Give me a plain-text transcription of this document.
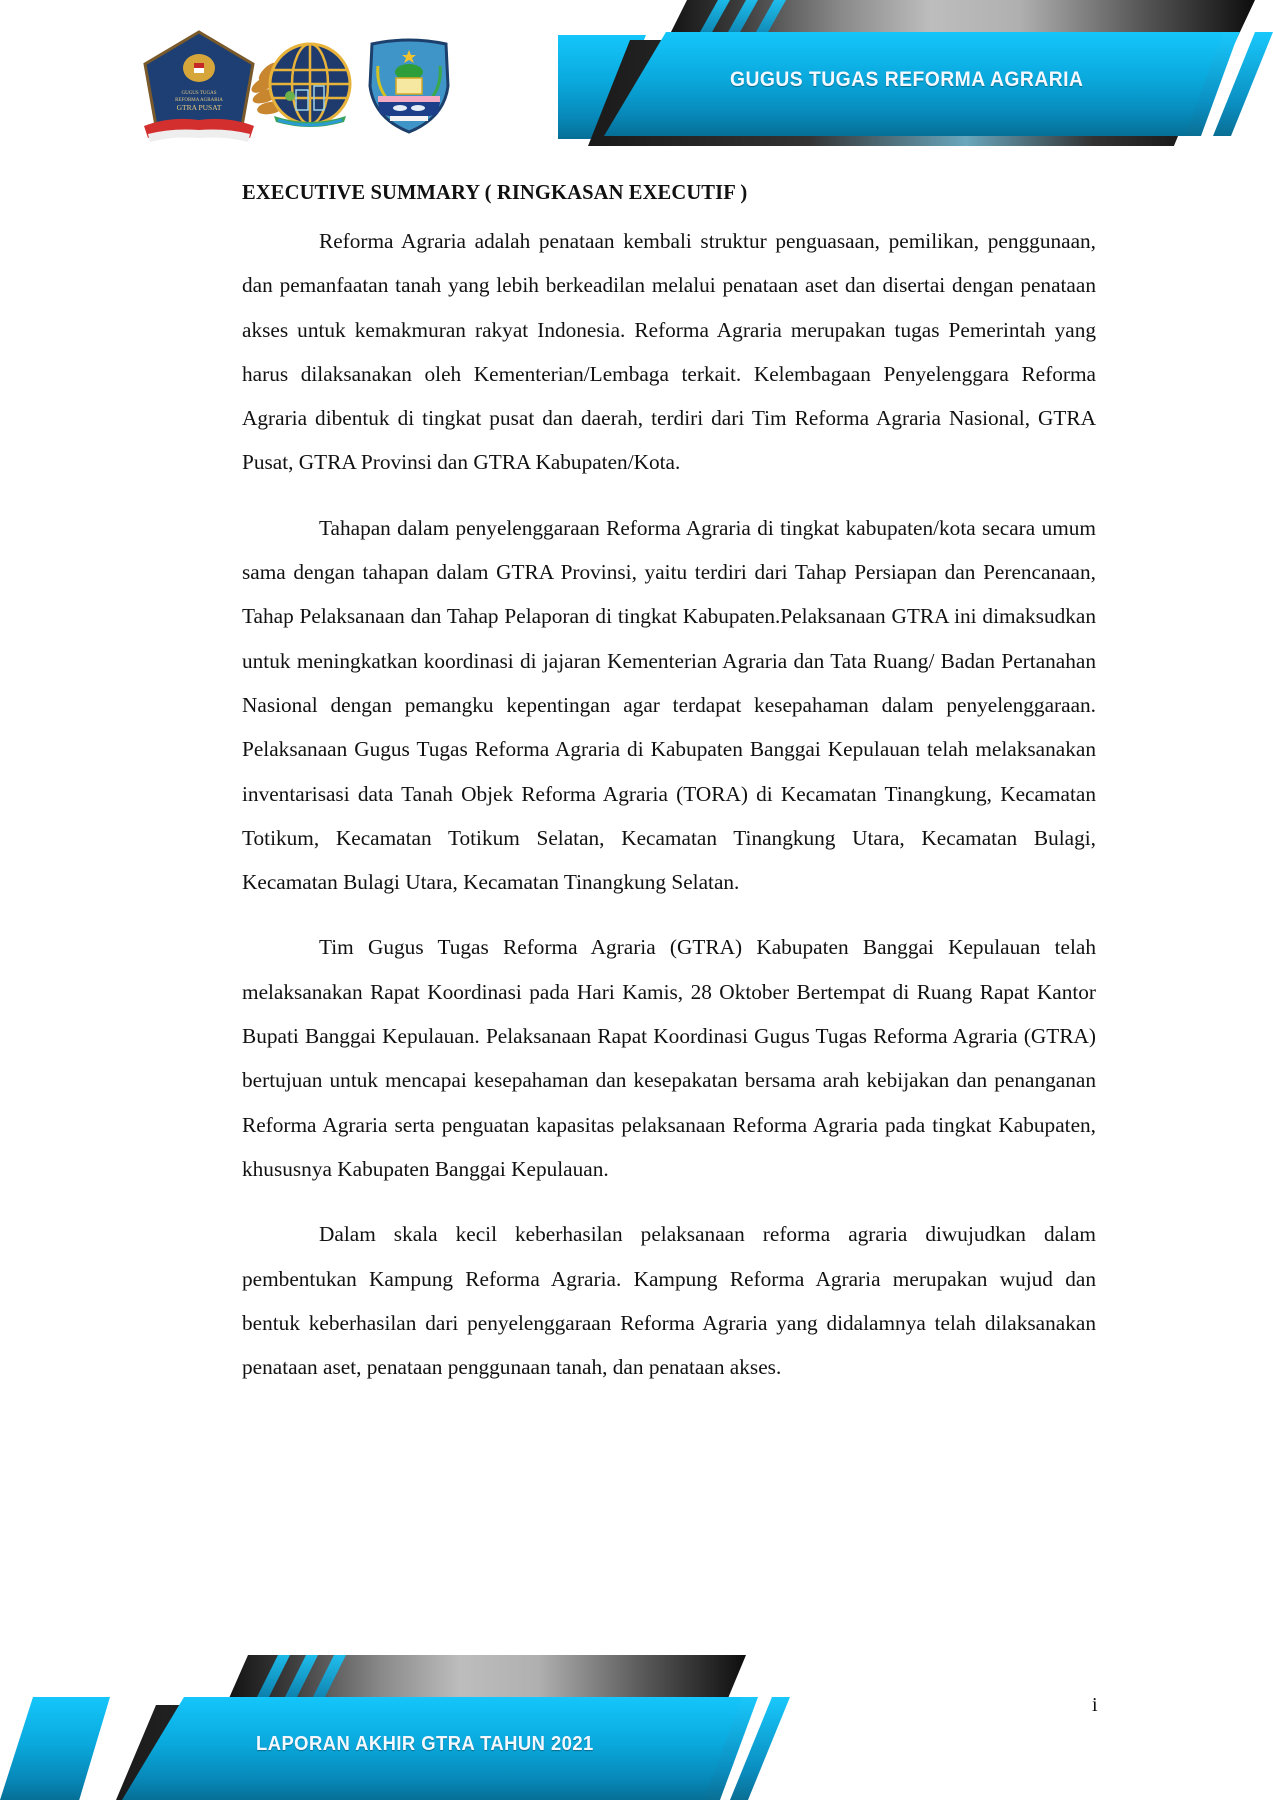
GUGUS TUGAS REFORMA AGRARIA
GUGUS TUGAS
REFORMA AGRARIA
GTRA PUSAT
EXECUTIVE SUMMARY ( RINGKASAN EXECUTIF )

Reforma Agraria adalah penataan kembali struktur penguasaan, pemilikan, penggunaan, dan pemanfaatan tanah yang lebih berkeadilan melalui penataan aset dan disertai dengan penataan akses untuk kemakmuran rakyat Indonesia. Reforma Agraria merupakan tugas Pemerintah yang harus dilaksanakan oleh Kementerian/Lembaga terkait. Kelembagaan Penyelenggara Reforma Agraria dibentuk di tingkat pusat dan daerah, terdiri dari Tim Reforma Agraria Nasional, GTRA Pusat, GTRA Provinsi dan GTRA Kabupaten/Kota.

Tahapan dalam penyelenggaraan Reforma Agraria di tingkat kabupaten/kota secara umum sama dengan tahapan dalam GTRA Provinsi, yaitu terdiri dari Tahap Persiapan dan Perencanaan, Tahap Pelaksanaan dan Tahap Pelaporan di tingkat Kabupaten.Pelaksanaan GTRA ini dimaksudkan untuk meningkatkan koordinasi di jajaran Kementerian Agraria dan Tata Ruang/ Badan Pertanahan Nasional dengan pemangku kepentingan agar terdapat kesepahaman dalam penyelenggaraan. Pelaksanaan Gugus Tugas Reforma Agraria di Kabupaten Banggai Kepulauan telah melaksanakan inventarisasi data Tanah Objek Reforma Agraria (TORA) di Kecamatan Tinangkung, Kecamatan Totikum, Kecamatan Totikum Selatan, Kecamatan Tinangkung Utara, Kecamatan Bulagi, Kecamatan Bulagi Utara, Kecamatan Tinangkung Selatan.

Tim Gugus Tugas Reforma Agraria (GTRA) Kabupaten Banggai Kepulauan telah melaksanakan Rapat Koordinasi pada Hari Kamis, 28 Oktober Bertempat di Ruang Rapat Kantor Bupati Banggai Kepulauan. Pelaksanaan Rapat Koordinasi Gugus Tugas Reforma Agraria (GTRA) bertujuan untuk mencapai kesepahaman dan kesepakatan bersama arah kebijakan dan penanganan Reforma Agraria serta penguatan kapasitas pelaksanaan Reforma Agraria pada tingkat Kabupaten, khususnya Kabupaten Banggai Kepulauan.

Dalam skala kecil keberhasilan pelaksanaan reforma agraria diwujudkan dalam pembentukan Kampung Reforma Agraria. Kampung Reforma Agraria merupakan wujud dan bentuk keberhasilan dari penyelenggaraan Reforma Agraria yang didalamnya telah dilaksanakan penataan aset, penataan penggunaan tanah, dan penataan akses.

i
LAPORAN AKHIR GTRA TAHUN 2021
